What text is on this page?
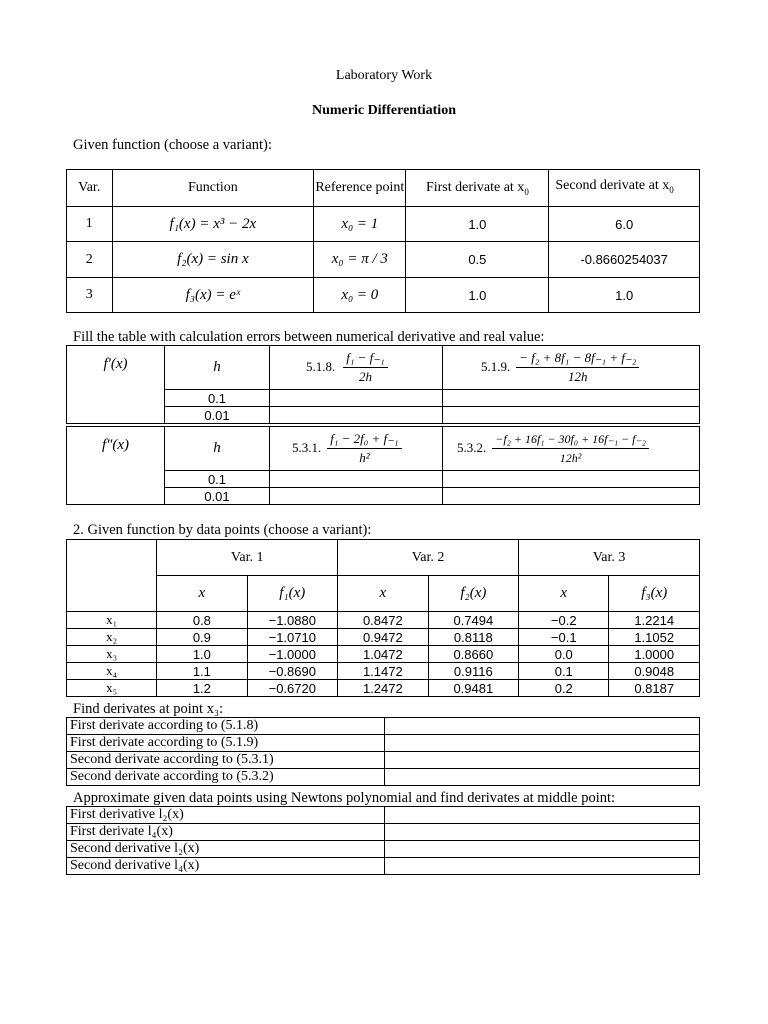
Laboratory Work
Numeric Differentiation
Given function (choose a variant):
Var.	Function	Reference point	First derivate at $x_0$	Second derivate at $x_0$
1	f₁(x) = x³ − 2x	x₀ = 1	1.0	6.0
2	f₂(x) = sin x	x₀ = π / 3	0.5	-0.8660254037
3	f₃(x) = eˣ	x₀ = 0	1.0	1.0
Fill the table with calculation errors between numerical derivative and real value:
f′(x)	h	5.1.8. $\frac{\text{f₁ − f₋₁}}{2h}$	5.1.9. $\frac{\text{− f₂ + 8f₁ − 8f₋₁ + f₋₂}}{12h}$

	0.1		
	0.01		
f″(x)	h	5.3.1. $\frac{\text{f₁ − 2f₀ + f₋₁}}{\text{h²}}$	5.3.2. $\frac{\text{−f₂ + 16f₁ − 30f₀ + 16f₋₁ − f₋₂}}{\text{12h²}}$

	0.1		
	0.01		
2. Given function by data points (choose a variant):
	Var. 1		Var. 2		Var. 3	
	x	f₁(x)	x	f₂(x)	x	f₃(x)
x₁	0.8	−1.0880	0.8472	0.7494	−0.2	1.2214
x₂	0.9	−1.0710	0.9472	0.8118	−0.1	1.1052
x₃	1.0	−1.0000	1.0472	0.8660	0.0	1.0000
x₄	1.1	−0.8690	1.1472	0.9116	0.1	0.9048
x₅	1.2	−0.6720	1.2472	0.9481	0.2	0.8187
Find derivates at point x₃:
First derivate according to (5.1.8)	
First derivate according to (5.1.9)	
Second derivate according to (5.3.1)	
Second derivate according to (5.3.2)	
Approximate given data points using Newtons polynomial and find derivates at middle point:
First derivative l₂(x)	
First derivate l₄(x)	
Second derivative l₂(x)	
Second derivative l₄(x)	
